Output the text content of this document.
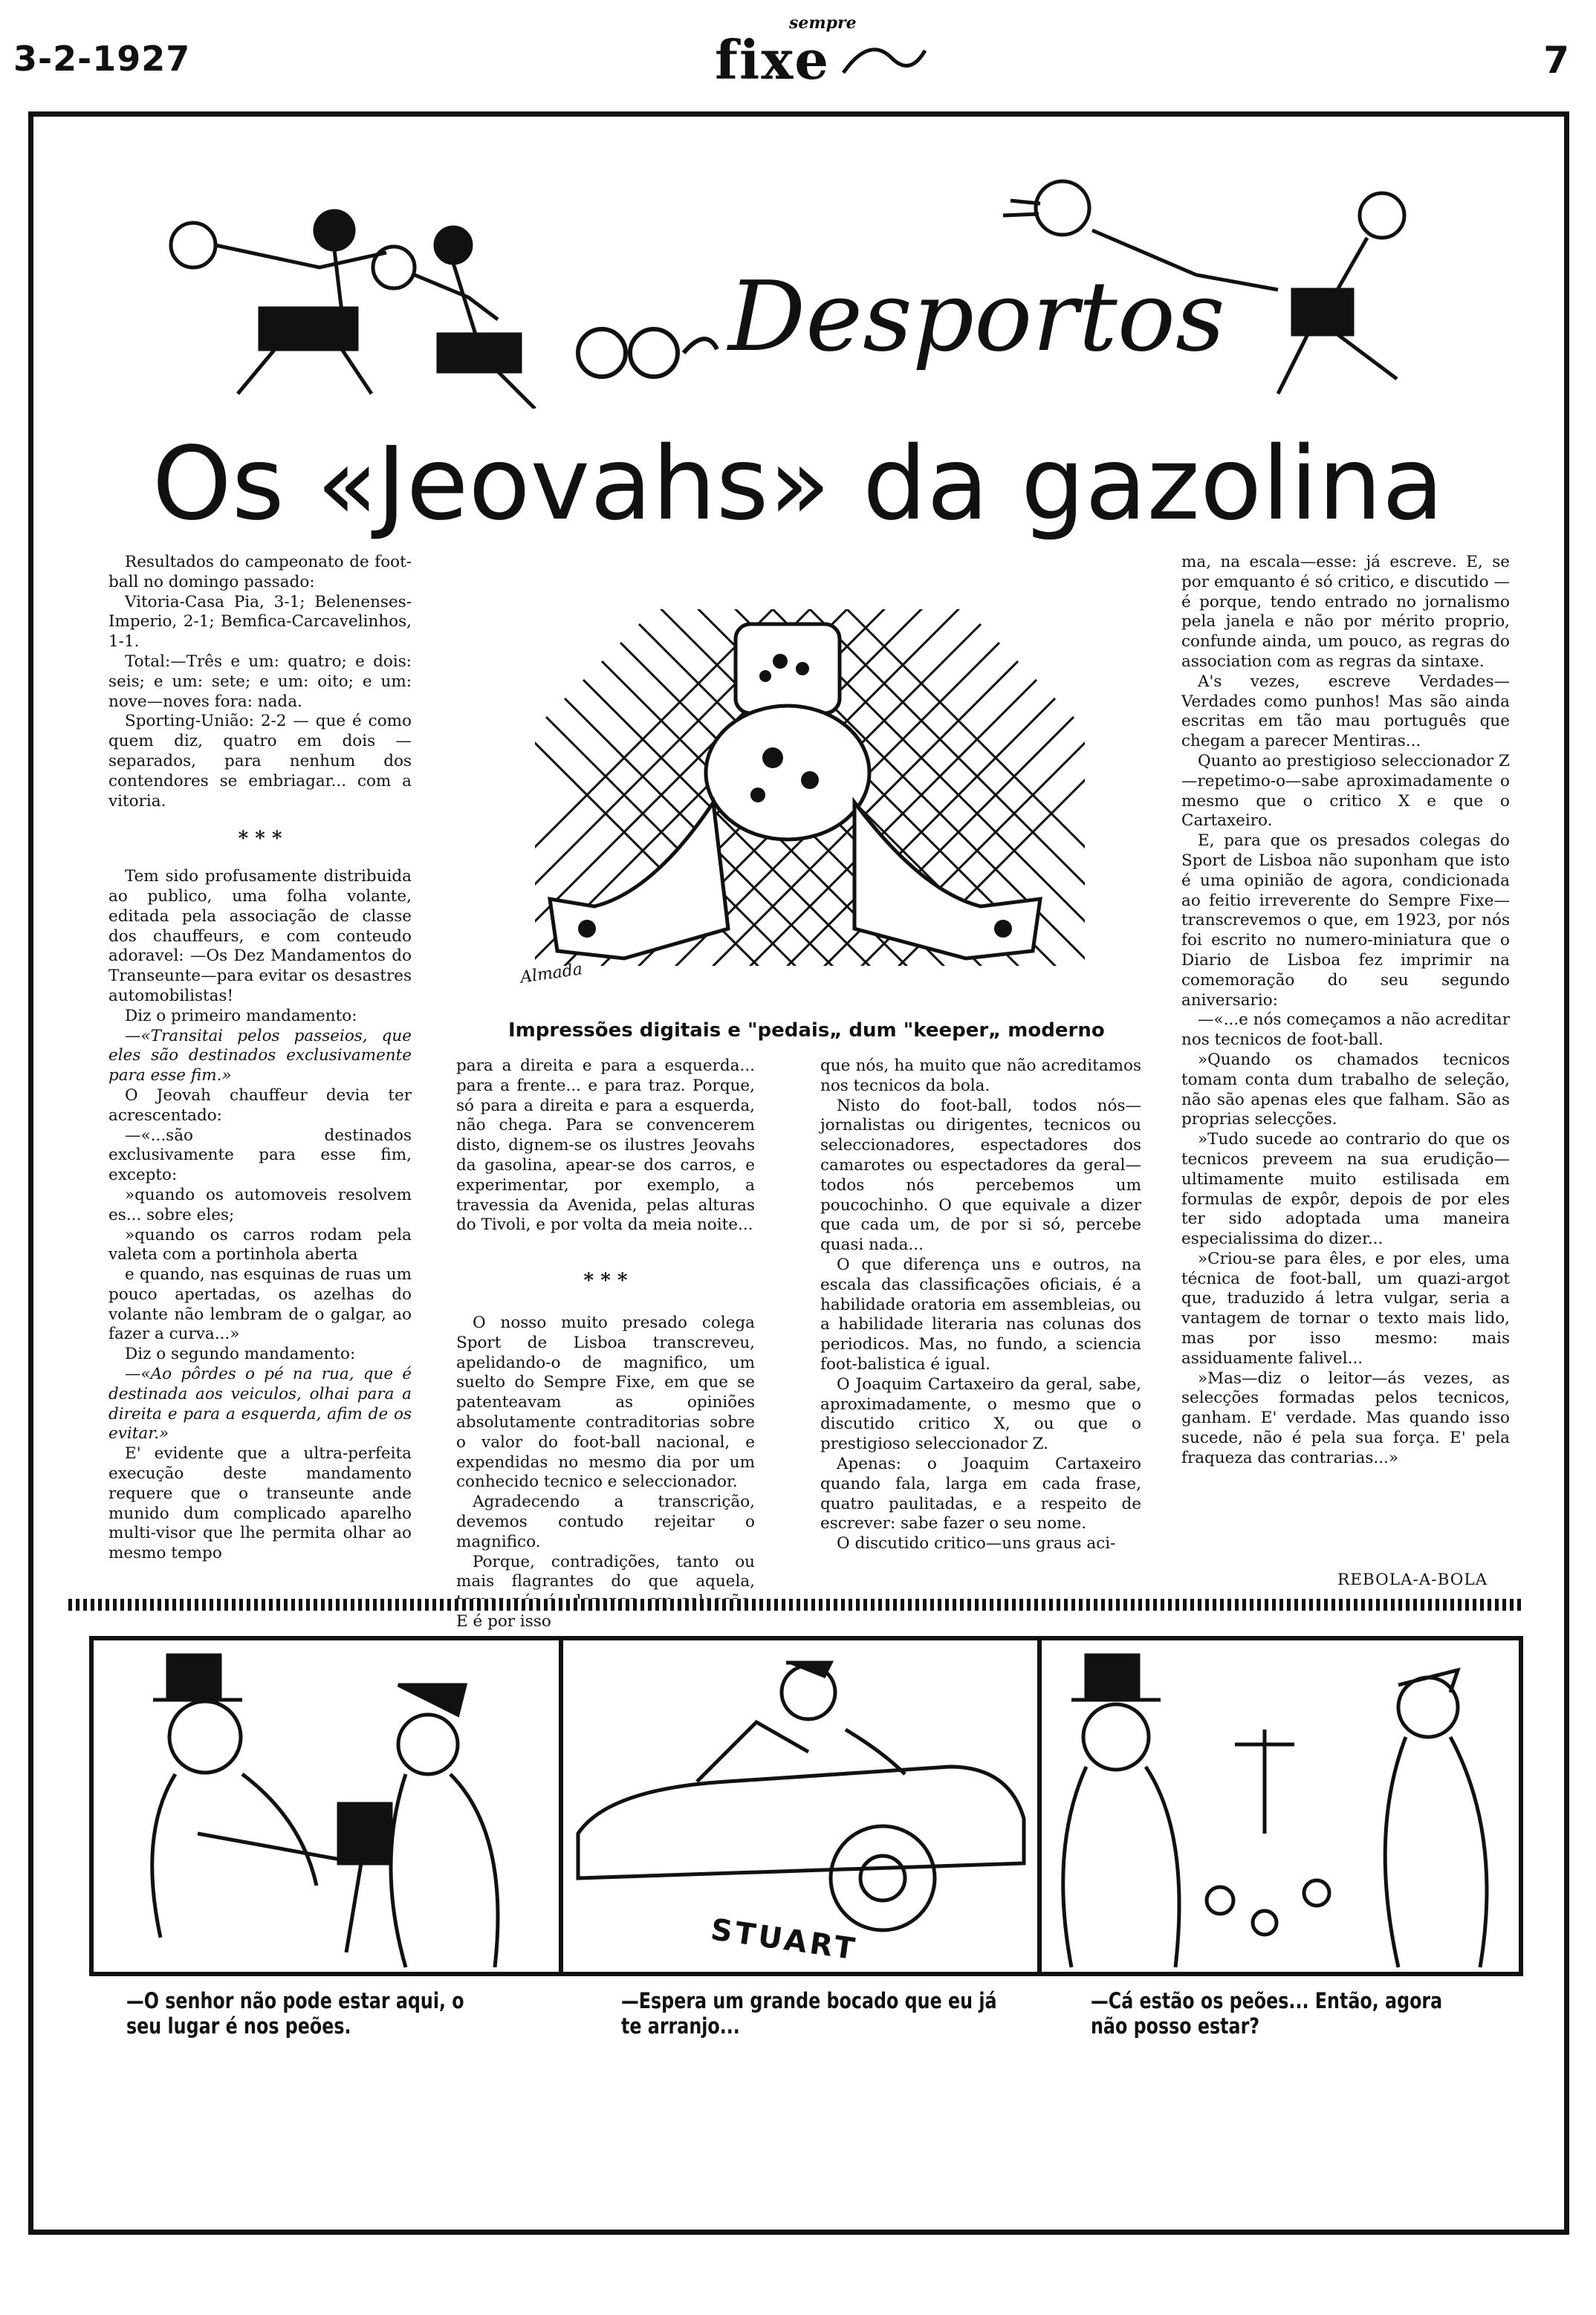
3-2-1927
sempre
fixe	7
Desportos
Os «Jeovahs» da gazolina

Resultados do campeonato de foot-ball no domingo passado:

Vitoria-Casa Pia, 3-1; Belenenses-Imperio, 2-1; Bemfica-Carcavelinhos, 1-1.

Total:—Três e um: quatro; e dois: seis; e um: sete; e um: oito; e um: nove—noves fora: nada.

Sporting-União: 2-2 — que é como quem diz, quatro em dois — separados, para nenhum dos contendores se embriagar... com a vitoria.

* * *

Tem sido profusamente distribuida ao publico, uma folha volante, editada pela associação de classe dos chauffeurs, e com conteudo adoravel: —Os Dez Mandamentos do Transeunte—para evitar os desastres automobilistas!

Diz o primeiro mandamento:

—«Transitai pelos passeios, que eles são destinados exclusivamente para esse fim.»

O Jeovah chauffeur devia ter acrescentado:

—«...são destinados exclusivamente para esse fim, excepto:

»quando os automoveis resolvem es... sobre eles;

»quando os carros rodam pela valeta com a portinhola aberta

e quando, nas esquinas de ruas um pouco apertadas, os azelhas do volante não lembram de o galgar, ao fazer a curva...»

Diz o segundo mandamento:

—«Ao pôrdes o pé na rua, que é destinada aos veiculos, olhai para a direita e para a esquerda, afim de os evitar.»

E' evidente que a ultra-perfeita execução deste mandamento requere que o transeunte ande munido dum complicado aparelho multi-visor que lhe permita olhar ao mesmo tempo

Almada
Impressões digitais e "pedais„ dum "keeper„ moderno

para a direita e para a esquerda... para a frente... e para traz. Porque, só para a direita e para a esquerda, não chega. Para se convencerem disto, dignem-se os ilustres Jeovahs da gasolina, apear-se dos carros, e experimentar, por exemplo, a travessia da Avenida, pelas alturas do Tivoli, e por volta da meia noite...

* * *

O nosso muito presado colega Sport de Lisboa transcreveu, apelidando-o de magnifico, um suelto do Sempre Fixe, em que se patenteavam as opiniões absolutamente contraditorias sobre o valor do foot-ball nacional, e expendidas no mesmo dia por um conhecido tecnico e seleccionador.

Agradecendo a transcrição, devemos contudo rejeitar o magnifico.

Porque, contradições, tanto ou mais flagrantes do que aquela, E é por isso

que nós, ha muito que não acreditamos nos tecnicos da bola.

Nisto do foot-ball, todos nós—jornalistas ou dirigentes, tecnicos ou seleccionadores, espectadores dos camarotes ou espectadores da geral—todos nós percebemos um poucochinho. O que equivale a dizer que cada um, de por si só, percebe quasi nada...

O que diferença uns e outros, na escala das classificações oficiais, é a habilidade oratoria em assembleias, ou a habilidade literaria nas colunas dos periodicos. Mas, no fundo, a sciencia foot-balistica é igual.

O Joaquim Cartaxeiro da geral, sabe, aproximadamente, o mesmo que o discutido critico X, ou que o prestigioso seleccionador Z.

Apenas: o Joaquim Cartaxeiro quando fala, larga em cada frase, quatro paulitadas, e a respeito de escrever: sabe fazer o seu nome.

O discutido critico—uns graus aci-

ma, na escala—esse: já escreve. E, se por emquanto é só critico, e discutido —é porque, tendo entrado no jornalismo pela janela e não por mérito proprio, confunde ainda, um pouco, as regras do association com as regras da sintaxe.

A's vezes, escreve Verdades—Verdades como punhos! Mas são ainda escritas em tão mau português que chegam a parecer Mentiras...

Quanto ao prestigioso seleccionador Z—repetimo-o—sabe aproximadamente o mesmo que o critico X e que o Cartaxeiro.

E, para que os presados colegas do Sport de Lisboa não suponham que isto é uma opinião de agora, condicionada ao feitio irreverente do Sempre Fixe—transcrevemos o que, em 1923, por nós foi escrito no numero-miniatura que o Diario de Lisboa fez imprimir na comemoração do seu segundo aniversario:

—«...e nós começamos a não acreditar nos tecnicos de foot-ball.

»Quando os chamados tecnicos tomam conta dum trabalho de seleção, não são apenas eles que falham. São as proprias selecções.

»Tudo sucede ao contrario do que os tecnicos preveem na sua erudição—ultimamente muito estilisada em formulas de expôr, depois de por eles ter sido adoptada uma maneira especialissima do dizer...

»Criou-se para êles, e por eles, uma técnica de foot-ball, um quazi-argot que, traduzido á letra vulgar, seria a vantagem de tornar o texto mais lido, mas por isso mesmo: mais assiduamente falivel...

»Mas—diz o leitor—ás vezes, as selecções formadas pelos tecnicos, ganham. E' verdade. Mas quando isso sucede, não é pela sua força. E' pela fraqueza das contrarias...»

REBOLA-A-BOLA
STUART
—O senhor não pode estar aqui, o seu lugar é nos peões.
—Espera um grande bocado que eu já te arranjo...
—Cá estão os peões... Então, agora não posso estar?
